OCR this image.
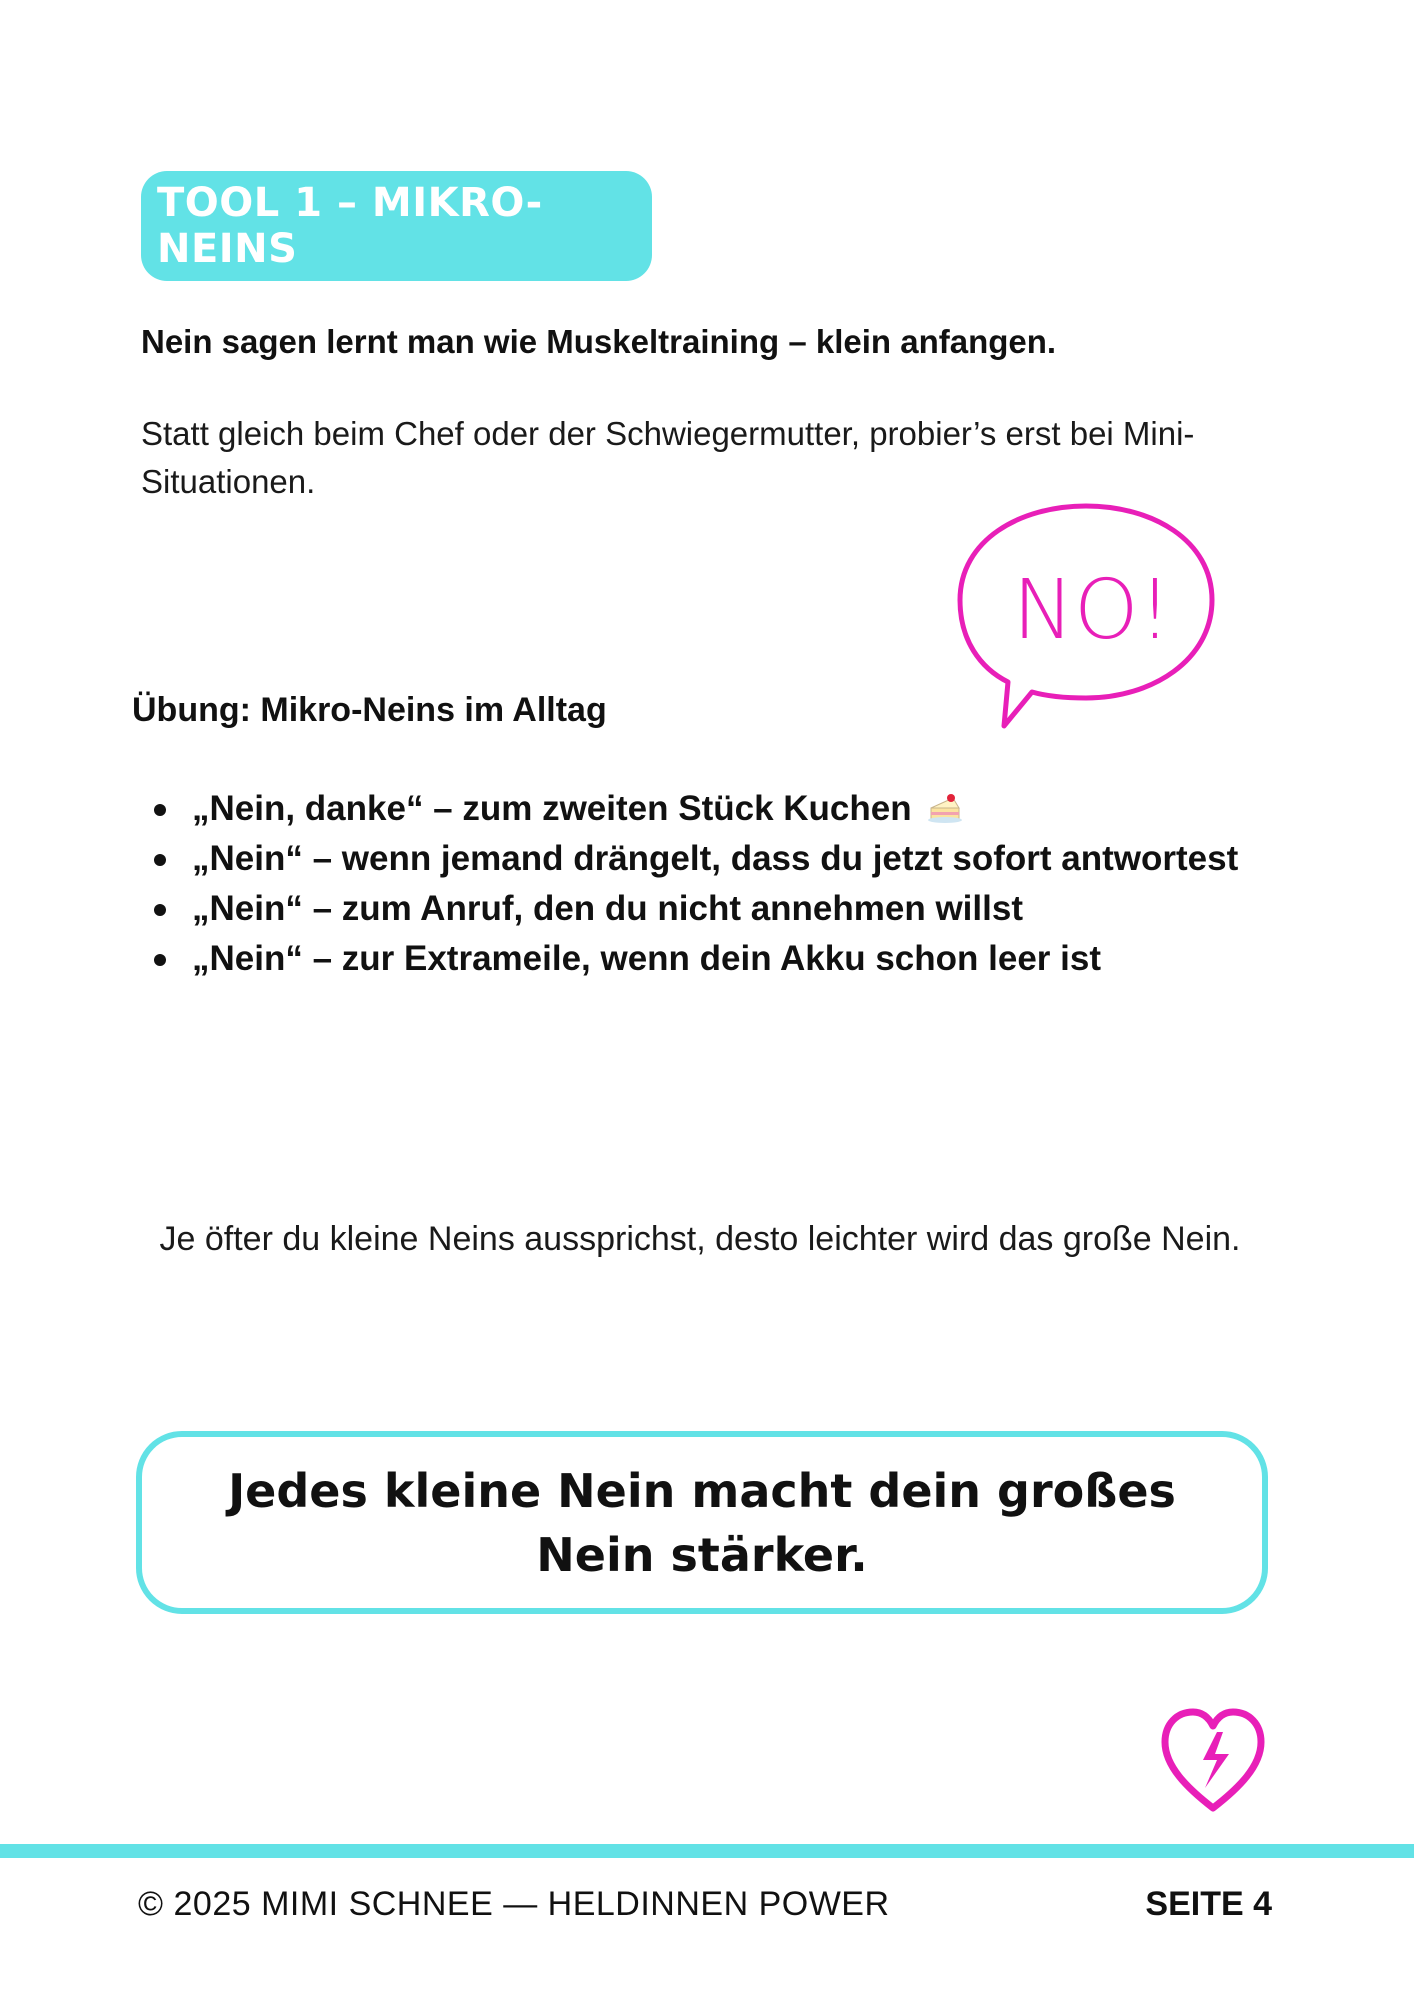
TOOL 1 – MIKRO-NEINS
Nein sagen lernt man wie Muskeltraining – klein anfangen.
Statt gleich beim Chef oder der Schwiegermutter, probier’s erst bei Mini-Situationen.
NO!
Übung: Mikro-Neins im Alltag
„Nein, danke“ – zum zweiten Stück Kuchen
„Nein“ – wenn jemand drängelt, dass du jetzt sofort antwortest
„Nein“ – zum Anruf, den du nicht annehmen willst
„Nein“ – zur Extrameile, wenn dein Akku schon leer ist
Je öfter du kleine Neins aussprichst, desto leichter wird das große Nein.
Jedes kleine Nein macht dein großes Nein stärker.
© 2025 MIMI SCHNEE — HELDINNEN POWER	SEITE 4
